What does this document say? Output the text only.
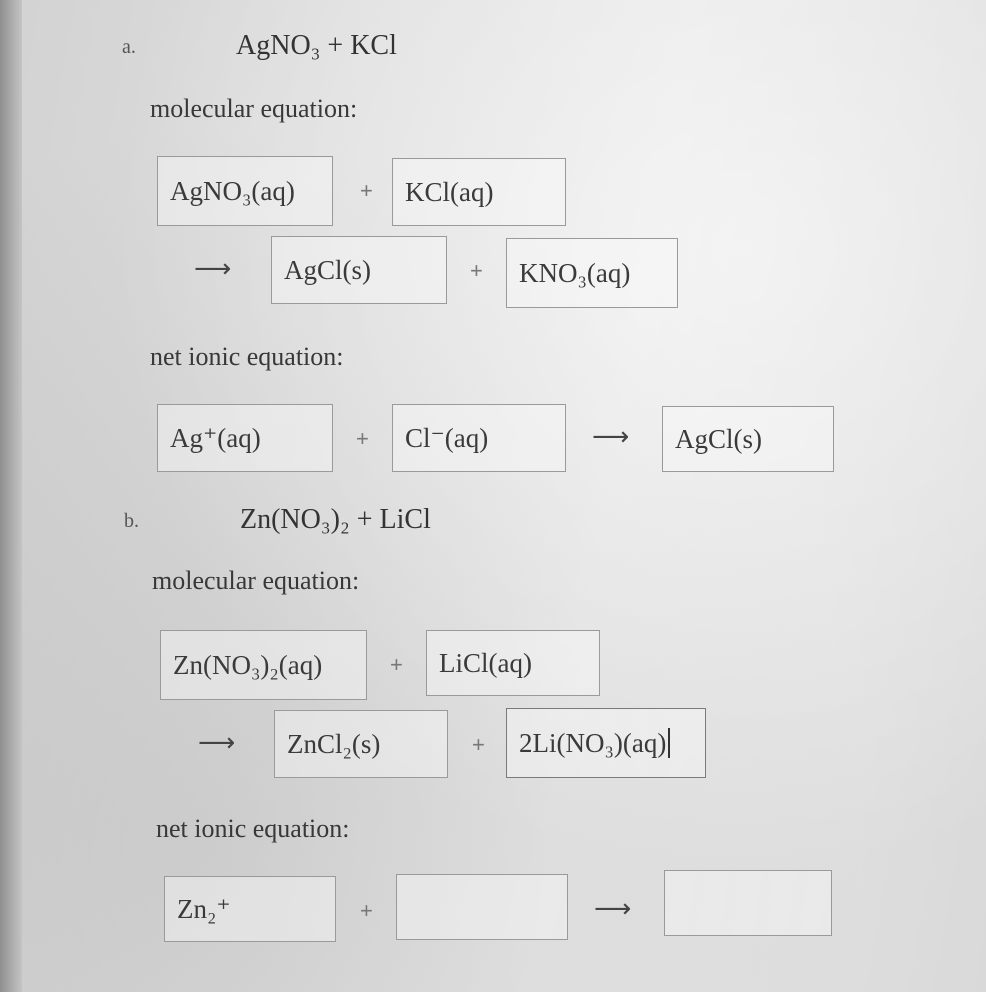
a.	AgNO₃ + KCl
molecular equation:
AgNO₃(aq)	+ KCl(aq)
⟶ AgCl(s)	+ KNO₃(aq)
net ionic equation:
Ag⁺(aq)	+ Cl⁻(aq)	⟶ AgCl(s)
b.	Zn(NO₃)₂ + LiCl
molecular equation:
Zn(NO₃)₂(aq)	+ LiCl(aq)
⟶ ZnCl₂(s)	+ 2Li(NO₃)(aq)
net ionic equation:
Zn₂⁺	+	⟶
